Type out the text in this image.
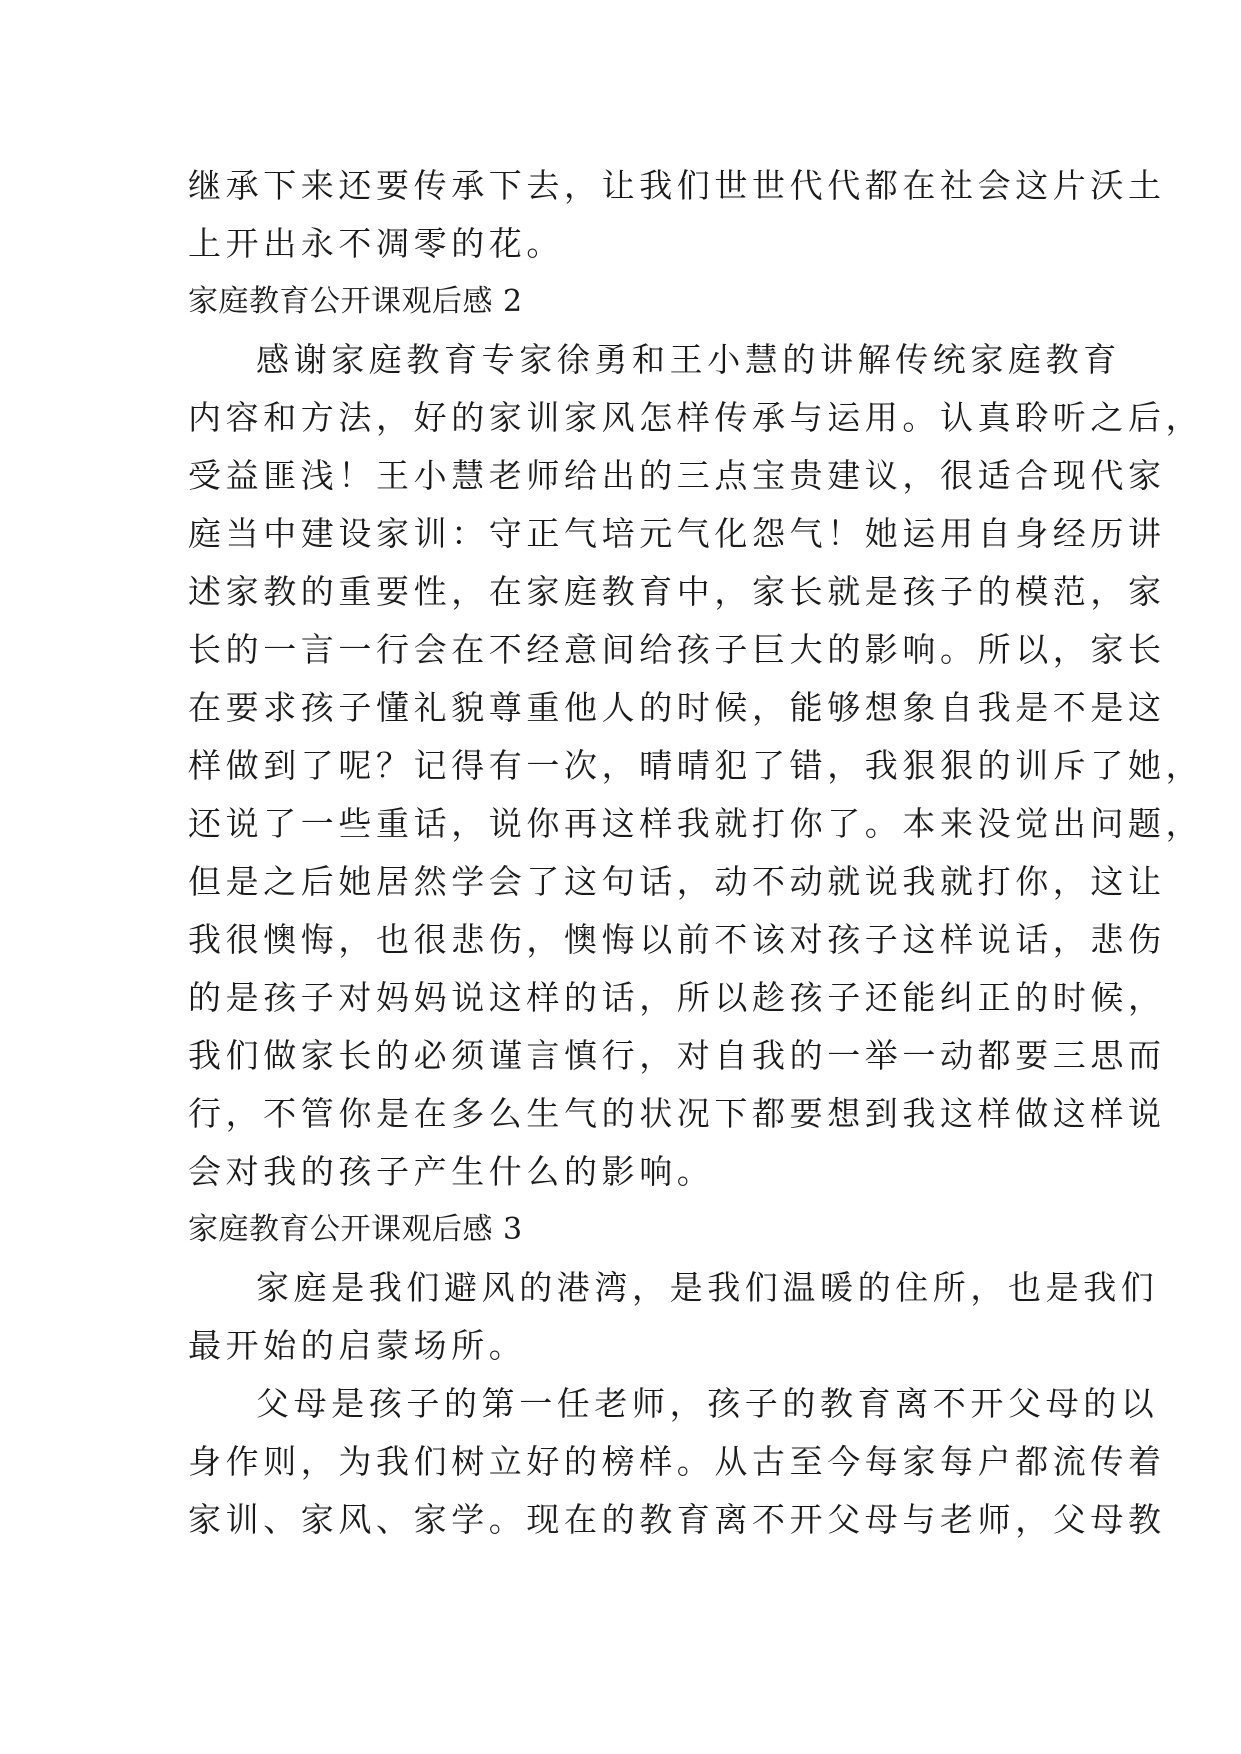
继承下来还要传承下去，让我们世世代代都在社会这片沃土
上开出永不凋零的花。
家庭教育公开课观后感 2
感谢家庭教育专家徐勇和王小慧的讲解传统家庭教育
内容和方法，好的家训家风怎样传承与运用。认真聆听之后，
受益匪浅！王小慧老师给出的三点宝贵建议，很适合现代家
庭当中建设家训：守正气培元气化怨气！她运用自身经历讲
述家教的重要性，在家庭教育中，家长就是孩子的模范，家
长的一言一行会在不经意间给孩子巨大的影响。所以，家长
在要求孩子懂礼貌尊重他人的时候，能够想象自我是不是这
样做到了呢？记得有一次，晴晴犯了错，我狠狠的训斥了她，
还说了一些重话，说你再这样我就打你了。本来没觉出问题，
但是之后她居然学会了这句话，动不动就说我就打你，这让
我很懊悔，也很悲伤，懊悔以前不该对孩子这样说话，悲伤
的是孩子对妈妈说这样的话，所以趁孩子还能纠正的时候，
我们做家长的必须谨言慎行，对自我的一举一动都要三思而
行，不管你是在多么生气的状况下都要想到我这样做这样说
会对我的孩子产生什么的影响。
家庭教育公开课观后感 3
家庭是我们避风的港湾，是我们温暖的住所，也是我们
最开始的启蒙场所。
父母是孩子的第一任老师，孩子的教育离不开父母的以
身作则，为我们树立好的榜样。从古至今每家每户都流传着
家训、家风、家学。现在的教育离不开父母与老师，父母教
